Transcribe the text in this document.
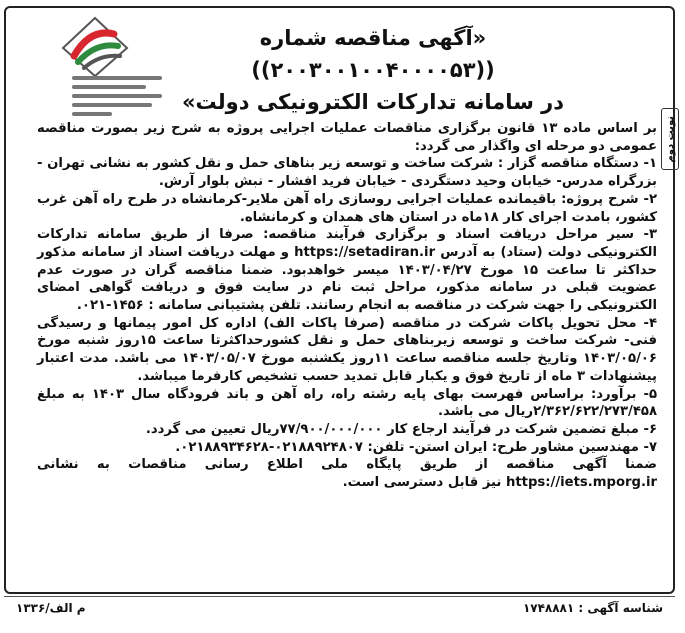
نوبت دوم
«آگهی مناقصه شماره ((۲۰۰۳۰۰۱۰۰۴۰۰۰۰۵۳))
در سامانه تدارکات الکترونیکی دولت»

بر اساس ماده ۱۳ قانون برگزاری مناقصات عملیات اجرایی پروژه به شرح زیر بصورت مناقصه عمومی دو مرحله ای واگذار می گردد:

۱- دستگاه مناقصه گزار : شرکت ساخت و توسعه زیر بناهای حمل و نقل کشور به نشانی تهران - بزرگراه مدرس- خیابان وحید دستگردی - خیابان فرید افشار - نبش بلوار آرش.

۲- شرح پروژه: باقیمانده عملیات اجرایی روسازی راه آهن ملایر-کرمانشاه در طرح راه آهن غرب کشور، بامدت اجرای کار ۱۸ماه در استان های همدان و کرمانشاه.

۳- سیر مراحل دریافت اسناد و برگزاری فرآیند مناقصه: صرفا از طریق سامانه تدارکات الکترونیکی دولت (ستاد) به آدرس https://setadiran.ir و مهلت دریافت اسناد از سامانه مذکور حداکثر تا ساعت ۱۵ مورخ ۱۴۰۳/۰۴/۲۷ میسر خواهدبود. ضمنا مناقصه گران در صورت عدم عضویت قبلی در سامانه مذکور، مراحل ثبت نام در سایت فوق و دریافت گواهی امضای الکترونیکی را جهت شرکت در مناقصه به انجام رسانند. تلفن پشتیبانی سامانه : ۱۴۵۶-۰۲۱.

۴- محل تحویل پاکات شرکت در مناقصه (صرفا پاکات الف) اداره کل امور پیمانها و رسیدگی فنی- شرکت ساخت و توسعه زیربناهای حمل و نقل کشورحداکثرتا ساعت ۱۵روز شنبه مورخ ۱۴۰۳/۰۵/۰۶ وتاریخ جلسه مناقصه ساعت ۱۱روز یکشنبه مورخ ۱۴۰۳/۰۵/۰۷ می باشد. مدت اعتبار پیشنهادات ۳ ماه از تاریخ فوق و یکبار قابل تمدید حسب تشخیص کارفرما میباشد.

۵- برآورد: براساس فهرست بهای پایه رشته راه، راه آهن و باند فرودگاه سال ۱۴۰۳ به مبلغ ۲/۳۶۲/۶۲۲/۲۷۳/۴۵۸ریال می باشد.

۶- مبلغ تضمین شرکت در فرآیند ارجاع کار ۷۷/۹۰۰/۰۰۰/۰۰۰ریال تعیین می گردد.

۷- مهندسین مشاور طرح: ایران استن- تلفن: ۰۲۱۸۸۹۲۴۸۰۷-۰۲۱۸۸۹۳۴۶۲۸.

ضمنا آگهی مناقصه از طریق پایگاه ملی اطلاع رسانی مناقصات به نشانی https://iets.mporg.ir نیز قابل دسترسی است.

شناسه آگهی : ۱۷۴۸۸۸۱
م الف/۱۳۳۶
